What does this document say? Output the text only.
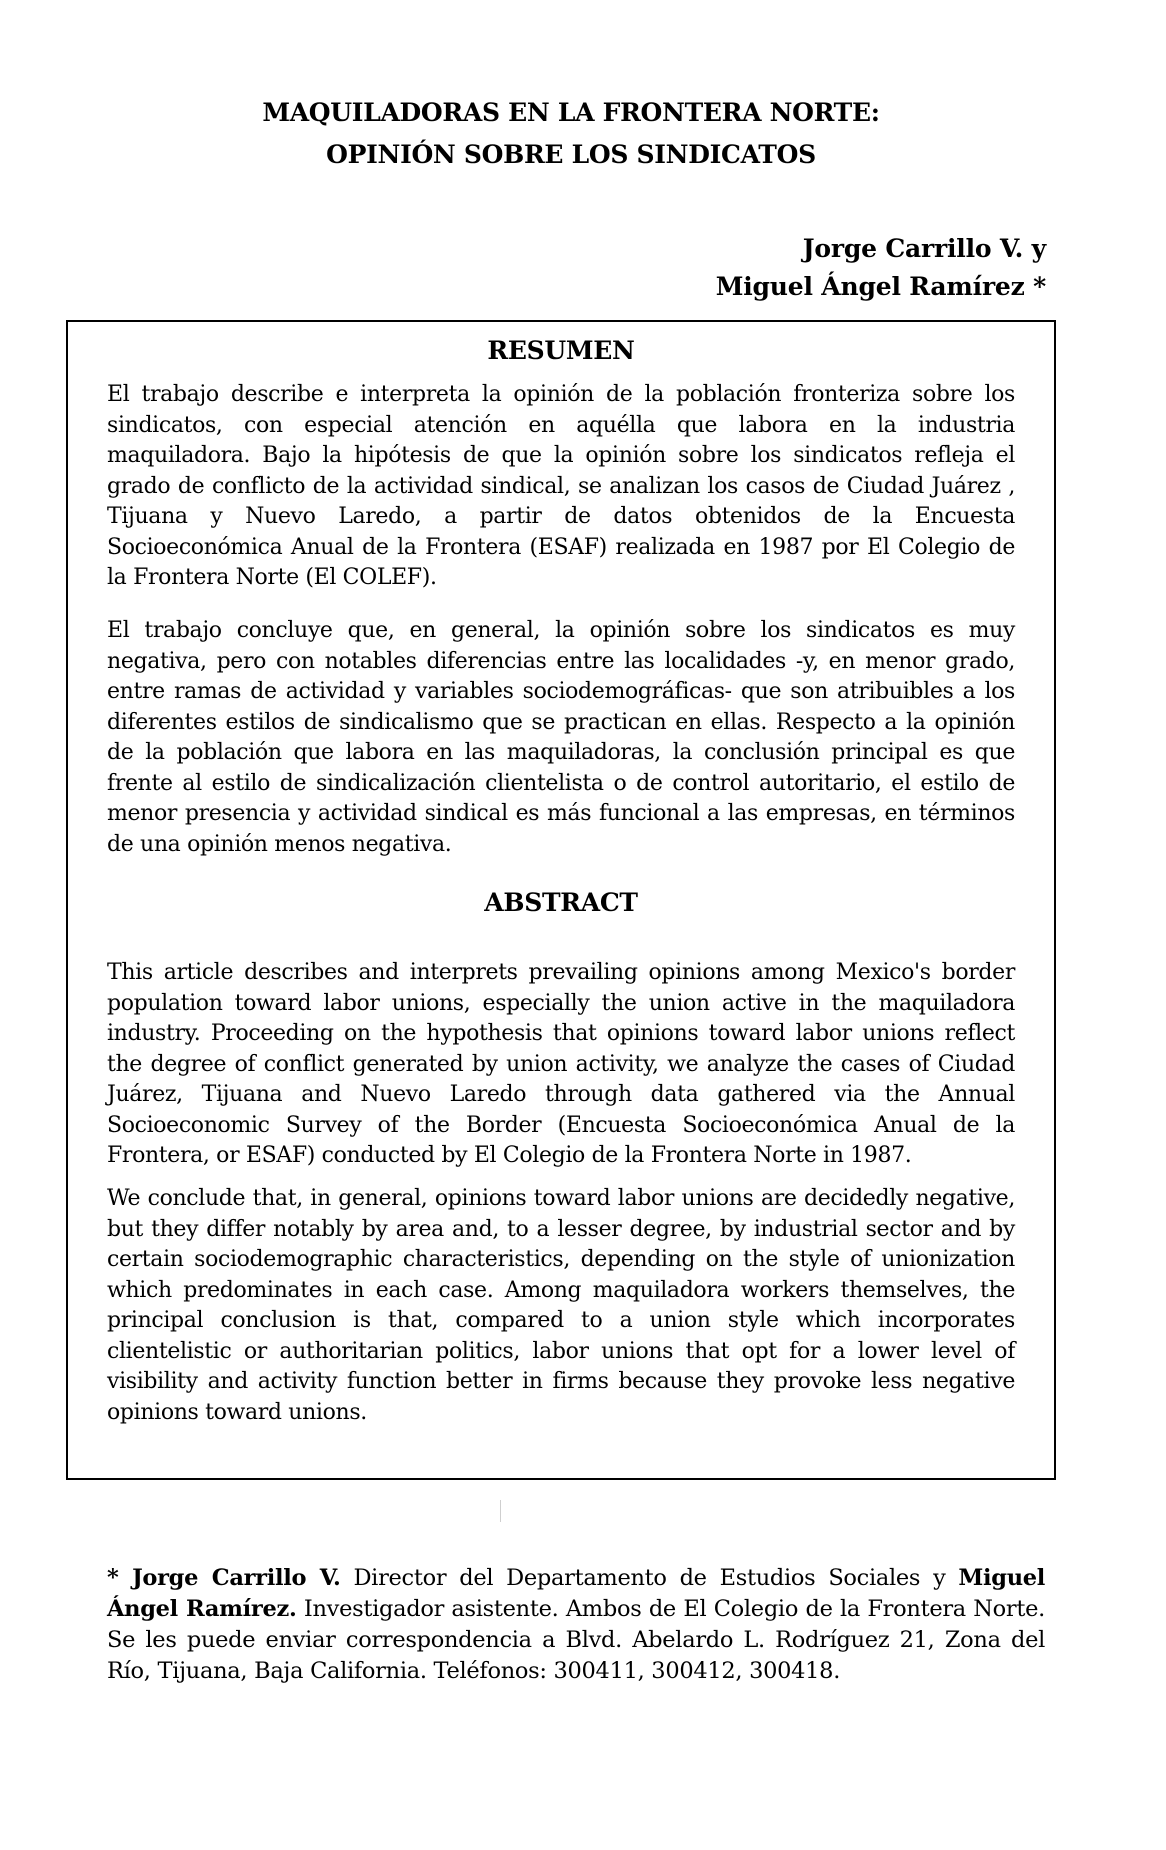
MAQUILADORAS EN LA FRONTERA NORTE:
OPINIÓN SOBRE LOS SINDICATOS
Jorge Carrillo V. y
Miguel Ángel Ramírez *
RESUMEN

El trabajo describe e interpreta la opinión de la población fronteriza sobre los sindicatos, con especial atención en aquélla que labora en la industria maquiladora. Bajo la hipótesis de que la opinión sobre los sindicatos refleja el grado de conflicto de la actividad sindical, se analizan los casos de Ciudad Juárez , Tijuana y Nuevo Laredo, a partir de datos obtenidos de la Encuesta Socioeconómica Anual de la Frontera (ESAF) realizada en 1987 por El Colegio de la Frontera Norte (El COLEF).

El trabajo concluye que, en general, la opinión sobre los sindicatos es muy negativa, pero con notables diferencias entre las localidades -y, en menor grado, entre ramas de actividad y variables sociodemográficas- que son atribuibles a los diferentes estilos de sindicalismo que se practican en ellas. Respecto a la opinión de la población que labora en las maquiladoras, la conclusión principal es que frente al estilo de sindicalización clientelista o de control autoritario, el estilo de menor presencia y actividad sindical es más funcional a las empresas, en términos de una opinión menos negativa.

ABSTRACT

This article describes and interprets prevailing opinions among Mexico's border population toward labor unions, especially the union active in the maquiladora industry. Proceeding on the hypothesis that opinions toward labor unions reflect the degree of conflict generated by union activity, we analyze the cases of Ciudad Juárez, Tijuana and Nuevo Laredo through data gathered via the Annual Socioeconomic Survey of the Border (Encuesta Socioeconómica Anual de la Frontera, or ESAF) conducted by El Colegio de la Frontera Norte in 1987.

We conclude that, in general, opinions toward labor unions are decidedly negative, but they differ notably by area and, to a lesser degree, by industrial sector and by certain sociodemographic characteristics, depending on the style of unionization which predominates in each case. Among maquiladora workers themselves, the principal conclusion is that, compared to a union style which incorporates clientelistic or authoritarian politics, labor unions that opt for a lower level of visibility and activity function better in firms because they provoke less negative opinions toward unions.

* Jorge Carrillo V. Director del Departamento de Estudios Sociales y Miguel Ángel Ramírez. Investigador asistente. Ambos de El Colegio de la Frontera Norte. Se les puede enviar correspondencia a Blvd. Abelardo L. Rodríguez 21, Zona del Río, Tijuana, Baja California. Teléfonos: 300411, 300412, 300418.
